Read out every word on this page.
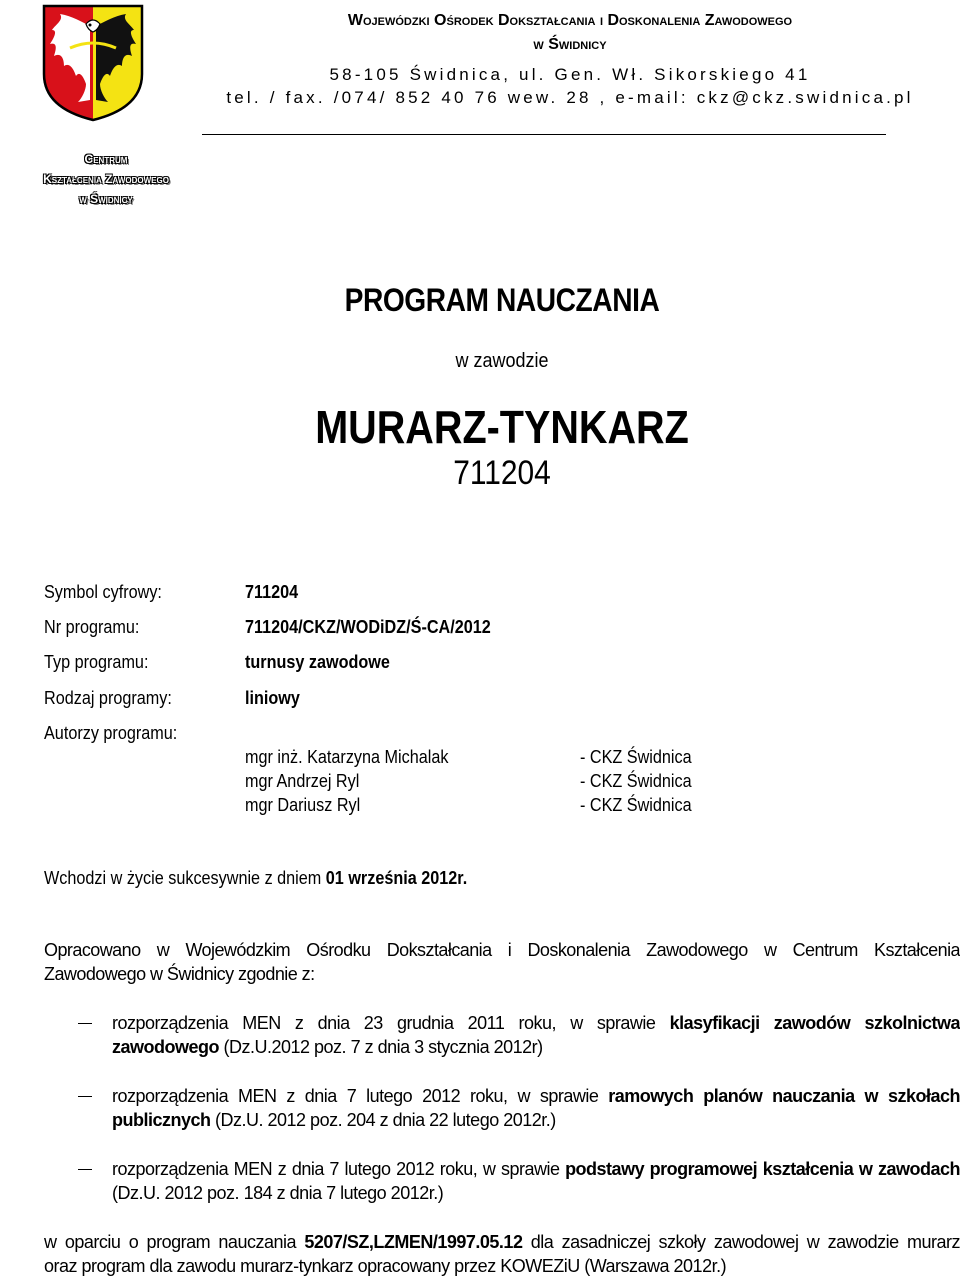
Wojewódzki Ośrodek Dokształcania i Doskonalenia Zawodowego
w Świdnicy
58-105 Świdnica, ul. Gen. Wł. Sikorskiego 41
tel. / fax. /074/ 852 40 76 wew. 28 , e-mail: ckz@ckz.swidnica.pl
Centrum
Kształcenia Zawodowego
w Świdnicy
PROGRAM NAUCZANIA
w zawodzie
MURARZ-TYNKARZ
711204
Symbol cyfrowy:	711204
Nr programu:	711204/CKZ/WODiDZ/Ś-CA/2012
Typ programu:	turnusy zawodowe
Rodzaj programy:	liniowy
Autorzy programu:
mgr inż. Katarzyna Michalak	- CKZ Świdnica
mgr Andrzej Ryl	- CKZ Świdnica
mgr Dariusz Ryl	- CKZ Świdnica
Wchodzi w życie sukcesywnie z dniem 01 września 2012r.
Opracowano w Wojewódzkim Ośrodku Dokształcania i Doskonalenia Zawodowego w Centrum Kształcenia
Zawodowego w Świdnicy zgodnie z:
rozporządzenia MEN z dnia 23 grudnia 2011 roku, w sprawie klasyfikacji zawodów szkolnictwa
zawodowego (Dz.U.2012 poz. 7 z dnia 3 stycznia 2012r)
rozporządzenia MEN z dnia 7 lutego 2012 roku, w sprawie ramowych planów nauczania w szkołach
publicznych (Dz.U. 2012 poz. 204 z dnia 22 lutego 2012r.)
rozporządzenia MEN z dnia 7 lutego 2012 roku, w sprawie podstawy programowej kształcenia w zawodach
(Dz.U. 2012 poz. 184 z dnia 7 lutego 2012r.)
w oparciu o program nauczania 5207/SZ,LZMEN/1997.05.12 dla zasadniczej szkoły zawodowej w zawodzie murarz
oraz program dla zawodu murarz-tynkarz opracowany przez KOWEZiU (Warszawa 2012r.)
